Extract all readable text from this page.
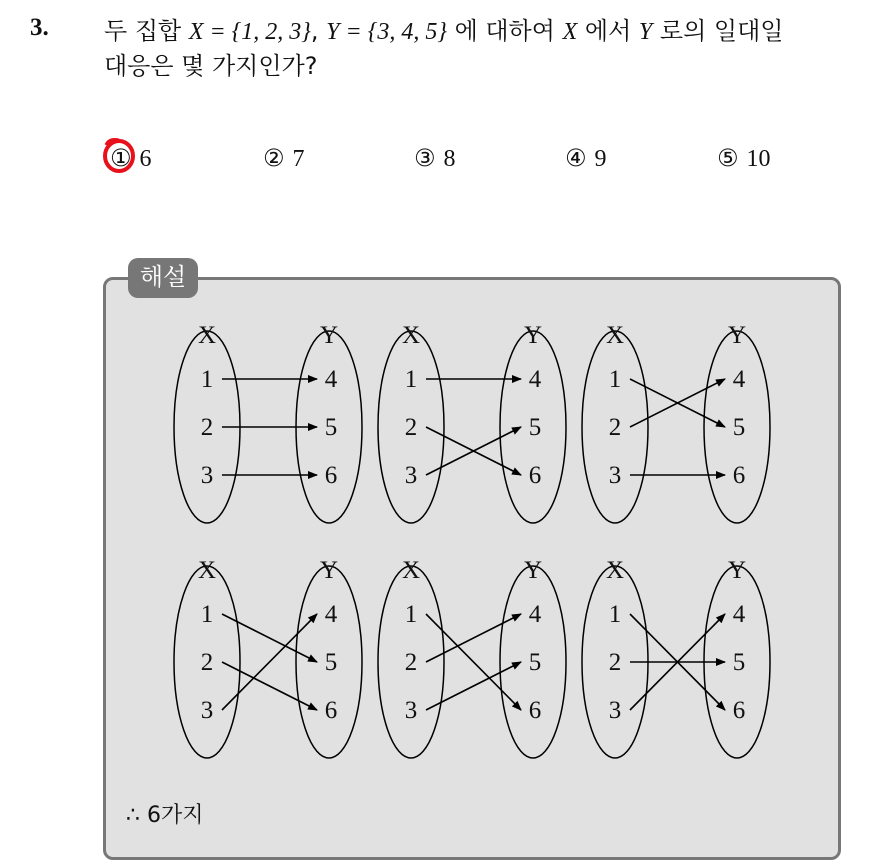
3. 두 집합 X = {1, 2, 3}, Y = {3, 4, 5} 에 대하여 X 에서 Y 로의 일대일
대응은 몇 가지인가?
① 6	② 7	③ 8	④ 9	⑤ 10
해설
X	Y
1
2
3
4
5
6
X	Y
1
2
3
4
5
6
X	Y
1
2
3
4
5
6
X	Y
1
2
3
4
5
6
X	Y
1
2
3
4
5
6
X	Y
1
2
3
4
5
6
∴ 6가지
